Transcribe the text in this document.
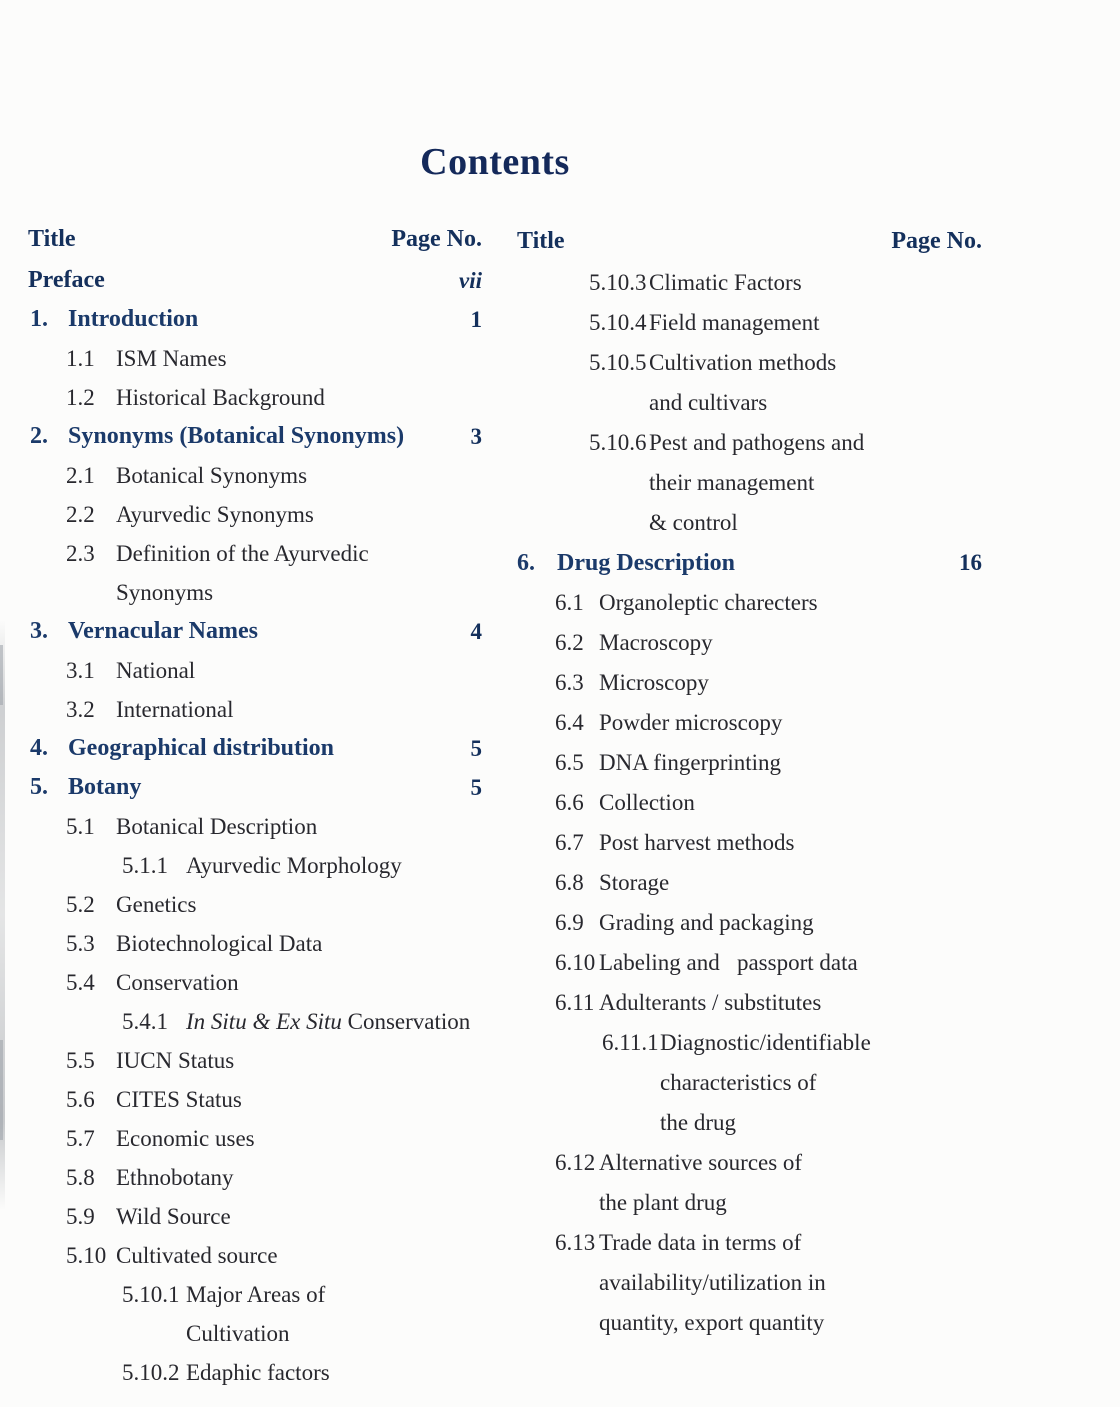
Contents
Title	Page No.
Preface	vii
1. Introduction	1
1.1 ISM Names
1.2 Historical Background
2. Synonyms (Botanical Synonyms)	3
2.1 Botanical Synonyms
2.2 Ayurvedic Synonyms
2.3 Definition of the Ayurvedic
Synonyms
3. Vernacular Names	4
3.1 National
3.2 International
4. Geographical distribution	5
5. Botany	5
5.1 Botanical Description
5.1.1 Ayurvedic Morphology
5.2 Genetics
5.3 Biotechnological Data
5.4 Conservation
5.4.1 In Situ & Ex Situ Conservation
5.5 IUCN Status
5.6 CITES Status
5.7 Economic uses
5.8 Ethnobotany
5.9 Wild Source
5.10 Cultivated source
5.10.1 Major Areas of
Cultivation
5.10.2 Edaphic factors
Title	Page No.
5.10.3 Climatic Factors
5.10.4 Field management
5.10.5 Cultivation methods
and cultivars
5.10.6 Pest and pathogens and
their management
& control
6. Drug Description	16
6.1 Organoleptic charecters
6.2 Macroscopy
6.3 Microscopy
6.4 Powder microscopy
6.5 DNA fingerprinting
6.6 Collection
6.7 Post harvest methods
6.8 Storage
6.9 Grading and packaging
6.10 Labeling and   passport data
6.11 Adulterants / substitutes
6.11.1 Diagnostic/identifiable
characteristics of
the drug
6.12 Alternative sources of
the plant drug
6.13 Trade data in terms of
availability/utilization in
quantity, export quantity
